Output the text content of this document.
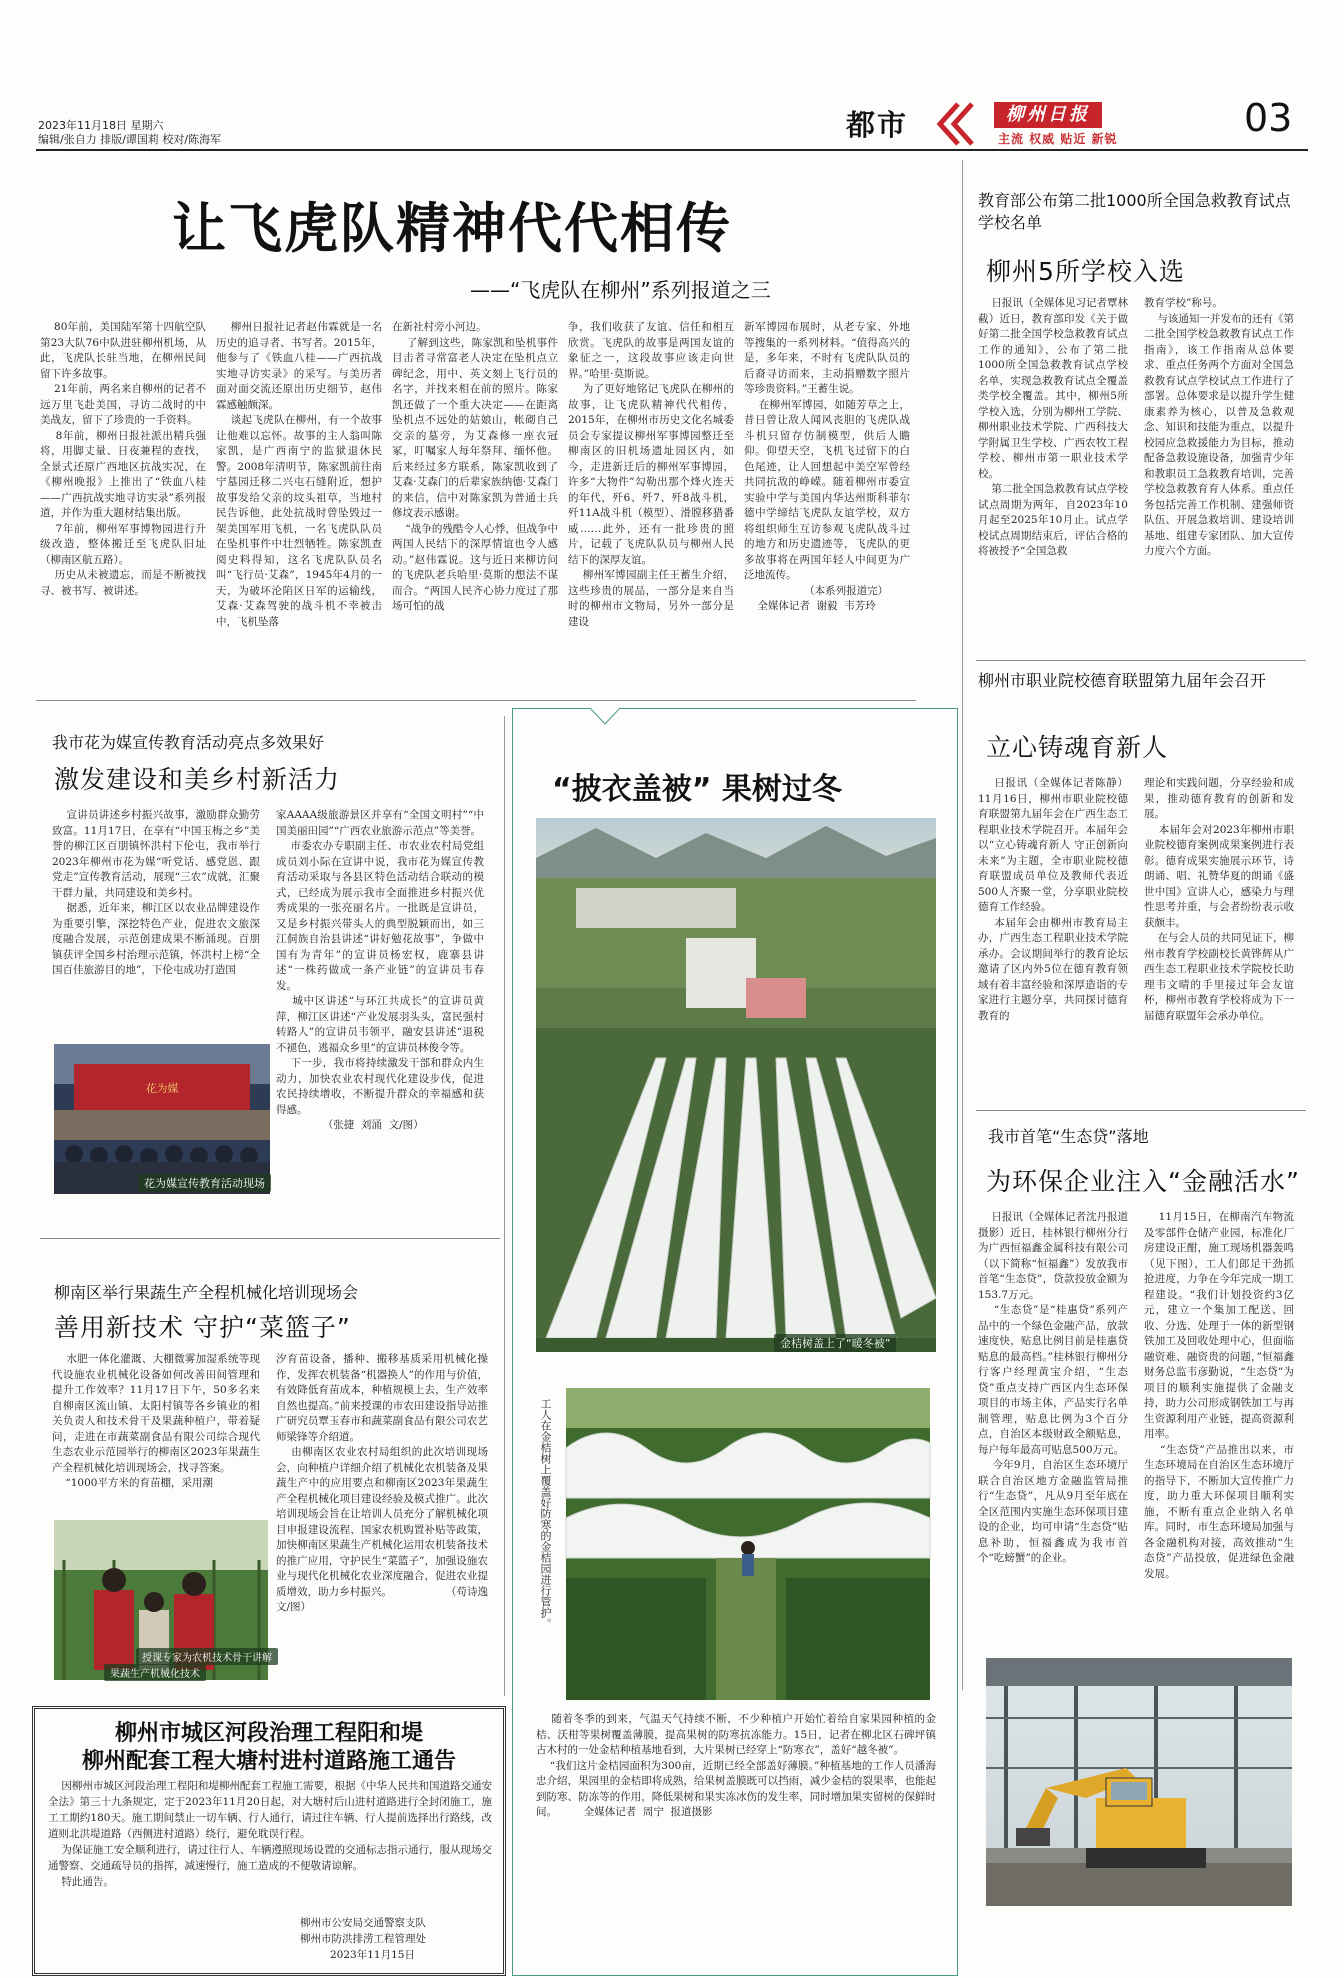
2023年11月18日 星期六
编辑/张自力 排版/谭国莉 校对/陈海军	都市	柳州日报
主流 权威 贴近 新锐	03
让飞虎队精神代代相传
——“飞虎队在柳州”系列报道之三
80年前，美国陆军第十四航空队第23大队76中队进驻柳州机场，从此，飞虎队长驻当地，在柳州民间留下许多故事。
21年前，两名来自柳州的记者不远万里飞赴美国，寻访二战时的中美战友，留下了珍贵的一手资料。
8年前，柳州日报社派出精兵强将，用脚丈量、日夜兼程的查找，全景式还原广西地区抗战实况，在《柳州晚报》上推出了“铁血八桂——广西抗战实地寻访实录”系列报道，并作为重大题材结集出版。
7年前，柳州军事博物园进行升级改造，整体搬迁至飞虎队旧址（柳南区航五路）。
历史从未被遗忘，而是不断被找寻、被书写、被讲述。
柳州日报社记者赵伟霖就是一名历史的追寻者、书写者。2015年，他参与了《铁血八桂——广西抗战实地寻访实录》的采写。与美历者面对面交流还原出历史细节，赵伟霖感触颇深。
谈起飞虎队在柳州，有一个故事让他难以忘怀。故事的主人翁叫陈家凯，是广西南宁的监狱退休民警。2008年清明节，陈家凯前往南宁墓园迁移二兴屯石缝附近，想护故事发给父亲的坟头祖草，当地村民告诉他，此处抗战时曾坠毁过一架美国军用飞机，一名飞虎队队员在坠机事件中壮烈牺牲。陈家凯查阅史料得知，这名飞虎队队员名叫“飞行员·艾森”，1945年4月的一天，为破坏沦陷区日军的运输线，艾森·艾森驾驶的战斗机不幸被击中，飞机坠落
在新社村旁小河边。
了解到这些，陈家凯和坠机事件目击者寻常富老人决定在坠机点立碑纪念，用中、英文刻上飞行员的名字，并找来相在前的照片。陈家凯还做了一个重大决定——在距离坠机点不远处的姑娘山，帐砌自己交亲的墓旁，为艾森修一座衣冠冢，叮嘱家人每年祭拜、缅怀他。后来经过多方联系，陈家凯收到了艾森·艾森门的后辈家族纳德·艾森门的来信，信中对陈家凯为普通士兵修坟表示感谢。
“战争的残酷令人心悸，但战争中两国人民结下的深厚情谊也令人感动。”赵伟霖说。这与近日来柳访问的飞虎队老兵哈里·莫斯的想法不谋而合。“两国人民齐心协力度过了那场可怕的战
争，我们收获了友谊、信任和相互欣赏。飞虎队的故事是两国友谊的象征之一，这段故事应该走向世界。”哈里·莫斯说。
为了更好地铭记飞虎队在柳州的故事，让飞虎队精神代代相传，2015年，在柳州市历史文化名城委员会专家提议柳州军事博园整迁至柳南区的旧机场遗址园区内，如今，走进新迁后的柳州军事博园，许多“大物件”勾勒出那个烽火连天的年代，歼6、歼7、歼8战斗机，歼11A战斗机（模型）、滑膛移猎番威……此外，还有一批珍贵的照片，记载了飞虎队队员与柳州人民结下的深厚友谊。
柳州军博园副主任王蓄生介绍，这些珍贵的展品，一部分是来自当时的柳州市文物局，另外一部分是建设
新军博园布展时，从老专家、外地等搜集的一系列材料。“值得高兴的是，多年来，不时有飞虎队队员的后裔寻访而来，主动捐赠数字照片等珍贵资料。”王蓄生说。
在柳州军博园，如随芳草之上，昔日曾让敌人闻风丧胆的飞虎队战斗机只留存仿制模型，供后人瞻仰。仰望天空，飞机飞过留下的白色尾迹，让人回想起中美空军曾经共同抗敌的峥嵘。随着柳州市委宣实验中学与美国内华达州斯科菲尔德中学缔结飞虎队友谊学校，双方将组织师生互访参观飞虎队战斗过的地方和历史遗迹等，飞虎队的更多故事将在两国年轻人中间更为广泛地流传。
（本系列报道完）
全媒体记者  谢毅  韦芳玲
教育部公布第二批1000所全国急救教育试点学校名单
柳州5所学校入选
日报讯（全媒体见习记者覃林截）近日，教育部印发《关于做好第二批全国学校急救教育试点工作的通知》，公布了第二批1000所全国急救教育试点学校名单，实现急救教育试点全覆盖类学校全覆盖。其中，柳州5所学校入选，分别为柳州工学院、柳州职业技术学院、广西科技大学附属卫生学校、广西农牧工程学校、柳州市第一职业技术学校。
第二批全国急救教育试点学校试点周期为两年，自2023年10月起至2025年10月止。试点学校试点周期结束后，评估合格的将被授予“全国急救
教育学校”称号。
与该通知一并发布的还有《第二批全国学校急救教育试点工作指南》，该工作指南从总体要求、重点任务两个方面对全国急救教育试点学校试点工作进行了部署。总体要求是以提升学生健康素养为核心，以普及急救观念、知识和技能为重点，以提升校园应急救援能力为目标，推动配备急救设施设备，加强青少年和教职员工急救教育培训，完善学校急救教育育人体系。重点任务包括完善工作机制、建强师资队伍、开展急救培训、建设培训基地、组建专家团队、加大宣传力度六个方面。
柳州市职业院校德育联盟第九届年会召开
立心铸魂育新人
日报讯（全媒体记者陈静）11月16日，柳州市职业院校德育联盟第九届年会在广西生态工程职业技术学院召开。本届年会以“立心铸魂育新人 守正创新向未来”为主题，全市职业院校德育联盟成员单位及教师代表近500人齐聚一堂，分享职业院校德育工作经验。
本届年会由柳州市教育局主办，广西生态工程职业技术学院承办。会议期间举行的教育论坛邀请了区内外5位在德育教育领域有着丰富经验和深厚造诣的专家进行主题分享，共同探讨德育教育的
理论和实践问题，分享经验和成果，推动德育教育的创新和发展。
本届年会对2023年柳州市职业院校德育案例成果案例进行表彰。德育成果实施展示环节，诗朗诵、唱、礼赞华夏的朗诵《盛世中国》宣讲人心，感染力与理性思考并重，与会者纷纷表示收获颇丰。
在与会人员的共同见证下，柳州市教育学校副校长黄铧辉从广西生态工程职业技术学院校长助理韦文晴的手里接过年会友谊杯，柳州市教育学校将成为下一届德育联盟年会承办单位。
我市首笔“生态贷”落地
为环保企业注入“金融活水”
日报讯（全媒体记者沈丹报道摄影）近日，桂林银行柳州分行为广西恒福鑫金属科技有限公司（以下简称“恒福鑫”）发放我市首笔“生态贷”，贷款投放金额为153.7万元。
“生态贷”是“桂惠贷”系列产品中的一个绿色金融产品，放款速度快，贴息比例目前是桂惠贷贴息的最高档。”桂林银行柳州分行客户经理黄宝介绍，“生态贷”重点支持广西区内生态环保项目的市场主体，产品实行名单制管理，贴息比例为3个百分点，自治区本级财政全额贴息，每户每年最高可贴息500万元。
今年9月，自治区生态环境厅联合自治区地方金融监管局推行“生态贷”，凡从9月至年底在全区范围内实施生态环保项目建设的企业，均可申请“生态贷”贴息补助，恒福鑫成为我市首个“吃螃蟹”的企业。
11月15日，在柳南汽车物流及零部件仓储产业园，标准化厂房建设正酣，施工现场机器轰鸣（见下图），工人们郎足干劲抓抢进度，力争在今年完成一期工程建设。“我们计划投资约3亿元，建立一个集加工配送、回收、分选、处理于一体的新型钢铁加工及回收处理中心，但面临融资难、融资贵的问题，”恒福鑫财务总监韦彦勤说，“生态贷”为项目的顺利实施提供了金融支持，助力公司形成钢铁加工与再生资源利用产业链，提高资源利用率。
“生态贷”产品推出以来，市生态环境局在自治区生态环境厅的指导下，不断加大宣传推广力度，助力重大环保项目顺利实施，不断有重点企业纳入名单库。同时，市生态环境局加强与各金融机构对接，高效推动“生态贷”产品投放，促进绿色金融发展。
我市花为媒宣传教育活动亮点多效果好
激发建设和美乡村新活力
宣讲员讲述乡村振兴故事，激励群众勤劳致富。11月17日，在享有“中国玉梅之乡”美誉的柳江区百朋镇怀洪村下伦屯，我市举行2023年柳州市花为媒“听党话、感党恩、跟党走”宣传教育活动，展现“三农”成就，汇聚干群力量，共同建设和美乡村。
据悉，近年来，柳江区以农业品牌建设作为重要引擎，深挖特色产业，促进农文旅深度融合发展，示范创建成果不断涌现。百朋镇获评全国乡村治理示范镇，怀洪村上榜“全国百佳旅游目的地”，下伦屯成功打造国
家AAAA级旅游景区并享有“全国文明村”“中国美丽田园”“广西农业旅游示范点”等美誉。
市委农办专职副主任、市农业农村局党组成员刘小际在宣讲中说，我市花为媒宣传教育活动采取与各县区特色活动结合联动的模式，已经成为展示我市全面推进乡村振兴优秀成果的一张亮丽名片。一批既是宣讲员，又是乡村振兴带头人的典型脱颖而出，如三江侗族自治县讲述“讲好勉花故事”，争做中国有为青年”的宣讲员杨宏权，鹿寨县讲述“一株药做成一条产业链”的宣讲员韦春发。
城中区讲述“与环江共成长”的宣讲员黄萍，柳江区讲述“产业发展羽头头，富民强村转路人”的宣讲员韦领平，融安县讲述“退税不褪色，逃福众乡里”的宣讲员林俊令等。
下一步，我市将持续激发干部和群众内生动力，加快农业农村现代化建设步伐，促进农民持续增收，不断提升群众的幸福感和获得感。
（张捷  刘涌  文/图）
花为媒
花为媒宣传教育活动现场
柳南区举行果蔬生产全程机械化培训现场会
善用新技术 守护“菜篮子”
水肥一体化灌溉、大棚微雾加湿系统等现代设施农业机械化设备如何改善田间管理和提升工作效率？11月17日下午，50多名来自柳南区流山镇、太阳村镇等各乡镇业的相关负责人和技术骨干及果蔬种植户，带着疑问，走进在市蔬菜副食品有限公司综合现代生态农业示范园举行的柳南区2023年果蔬生产全程机械化培训现场会，找寻答案。
“1000平方米的育苗棚，采用潮
汐育苗设备，播种、搬移基质采用机械化操作，发挥农机装备“机器换人”的作用与价值，有效降低育苗成本，种植规模上去，生产效率自然也提高。”前来授课的市农田建设指导站推广研究员覃玉春市和蔬菜副食品有限公司农艺师梁锋等介绍道。
由柳南区农业农村局组织的此次培训现场会，向种植户详细介绍了机械化农机装备及果蔬生产中的应用要点和柳南区2023年果蔬生产全程机械化项目建设经验及模式推广。此次培训现场会旨在让培训人员充分了解机械化项目申报建设流程、国家农机购置补贴等政策，加快柳南区果蔬生产机械化运用农机装备技术的推广应用，守护民生“菜篮子”，加强设施农业与现代化机械化农业深度融合，促进农业提质增效，助力乡村振兴。                （苟诗逸  文/图）
授课专家为农机技术骨干讲解
果蔬生产机械化技术
柳州市城区河段治理工程阳和堤
柳州配套工程大塘村进村道路施工通告
因柳州市城区河段治理工程阳和堤柳州配套工程施工需要，根据《中华人民共和国道路交通安全法》第三十九条规定，定于2023年11月20日起，对大塘村后山进村道路进行全封闭施工，施工工期约180天。施工期间禁止一切车辆、行人通行，请过往车辆、行人提前选择出行路线，改道则北洪堤道路（西侧进村道路）绕行，避免耽误行程。
为保证施工安全顺利进行，请过往行人、车辆遵照现场设置的交通标志指示通行，服从现场交通警察、交通疏导员的指挥，减速慢行，施工造成的不便敬请谅解。
特此通告。
柳州市公安局交通警察支队
柳州市防洪排涝工程管理处
2023年11月15日
“披衣盖被” 果树过冬
金桔树盖上了“暖冬被”
工人在金桔树上覆盖好防寒的金桔园进行管护。
随着冬季的到来，气温天气持续不断，不少种植户开始忙着给自家果园种植的金桔、沃柑等果树覆盖薄膜，提高果树的防寒抗冻能力。15日，记者在柳北区石碑坪镇古木村的一处金桔种植基地看到，大片果树已经穿上“防寒衣”，盖好“越冬被”。
“我们这片金桔园面积为300亩，近期已经全部盖好薄膜。”种植基地的工作人员潘海忠介绍，果园里的金桔即将成熟，给果树盖膜既可以挡雨，减少金桔的裂果率，也能起到防寒、防冻等的作用，降低果树和果实冻冰伤的发生率，同时增加果实留树的保鲜时间。        全媒体记者  周宁  报道摄影
